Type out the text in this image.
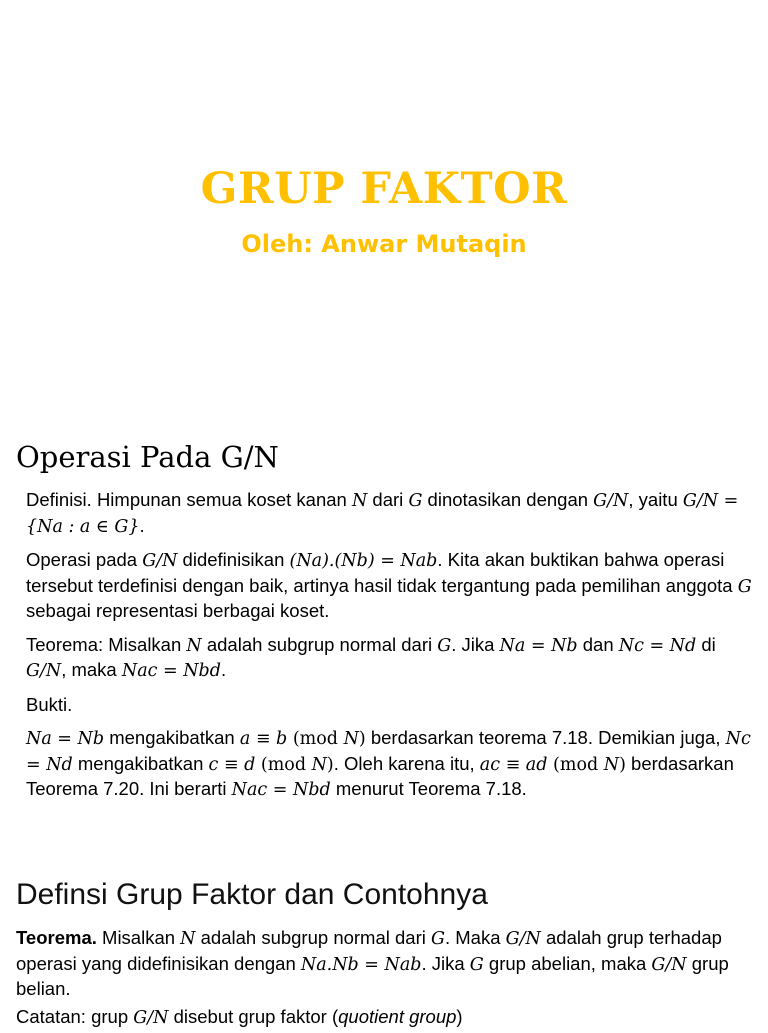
GRUP FAKTOR
Oleh: Anwar Mutaqin
Operasi Pada G/N

Definisi. Himpunan semua koset kanan N dari G dinotasikan dengan G/N, yaitu G/N = {Na : a ∈ G}.

Operasi pada G/N didefinisikan (Na).(Nb) = Nab. Kita akan buktikan bahwa operasi tersebut terdefinisi dengan baik, artinya hasil tidak tergantung pada pemilihan anggota G sebagai representasi berbagai koset.

Teorema: Misalkan N adalah subgrup normal dari G. Jika Na = Nb dan Nc = Nd di G/N, maka Nac = Nbd.

Bukti.

Na = Nb mengakibatkan a ≡ b (mod N) berdasarkan teorema 7.18. Demikian juga, Nc = Nd mengakibatkan c ≡ d (mod N). Oleh karena itu, ac ≡ ad (mod N) berdasarkan Teorema 7.20. Ini berarti Nac = Nbd menurut Teorema 7.18.

Definsi Grup Faktor dan Contohnya

Teorema. Misalkan N adalah subgrup normal dari G. Maka G/N adalah grup terhadap operasi yang didefinisikan dengan Na.Nb = Nab. Jika G grup abelian, maka G/N grup belian.

Catatan: grup G/N disebut grup faktor (quotient group)
